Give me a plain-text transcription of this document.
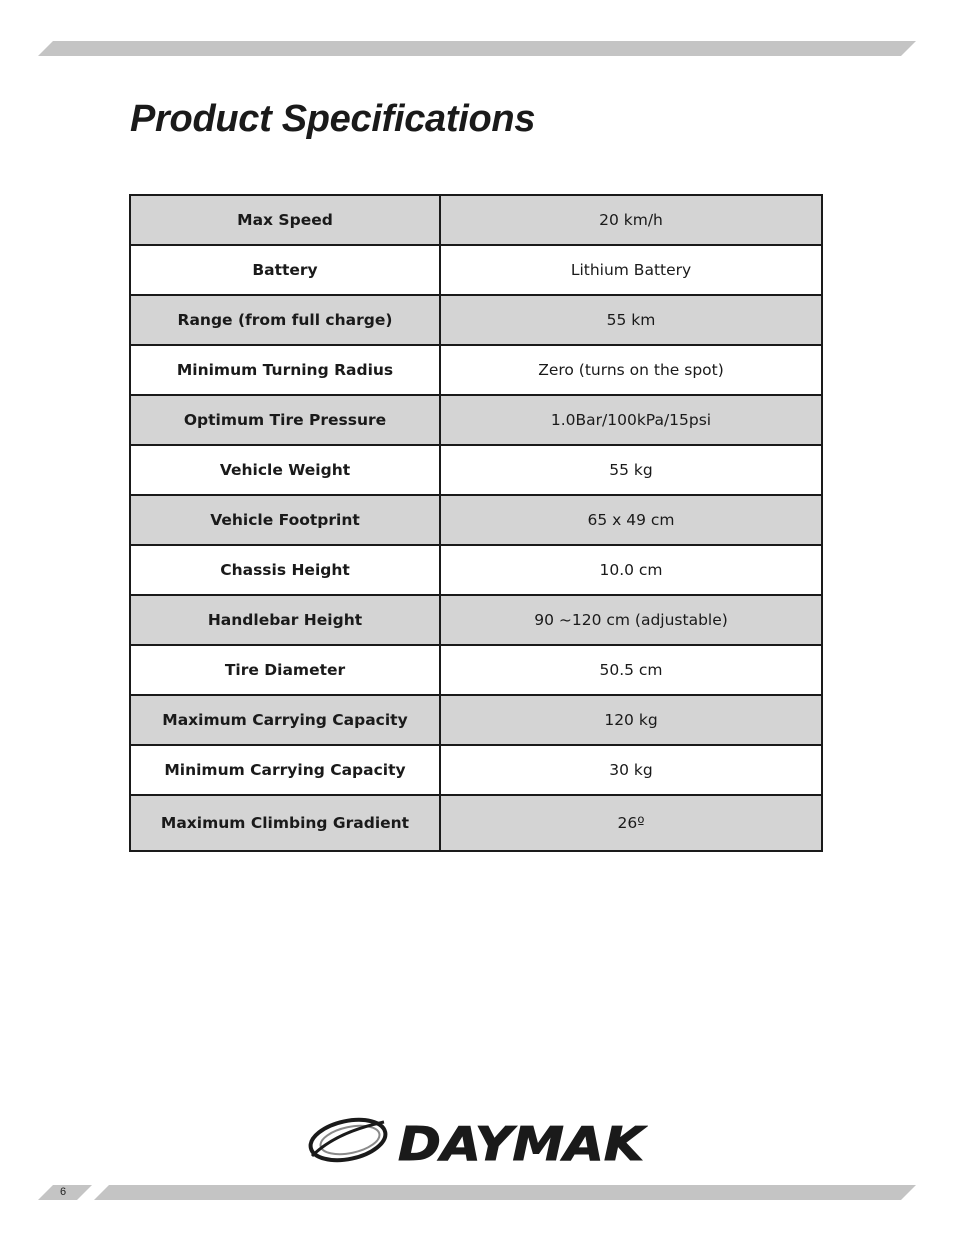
Product Specifications
Max Speed	20 km/h
Battery	Lithium Battery
Range (from full charge)	55 km
Minimum Turning Radius	Zero (turns on the spot)
Optimum Tire Pressure	1.0Bar/100kPa/15psi
Vehicle Weight	55 kg
Vehicle Footprint	65 x 49 cm
Chassis Height	10.0 cm
Handlebar Height	90 ~120 cm (adjustable)
Tire Diameter	50.5 cm
Maximum Carrying Capacity	120 kg
Minimum Carrying Capacity	30 kg
Maximum Climbing Gradient	26º
DAYMAK
6
